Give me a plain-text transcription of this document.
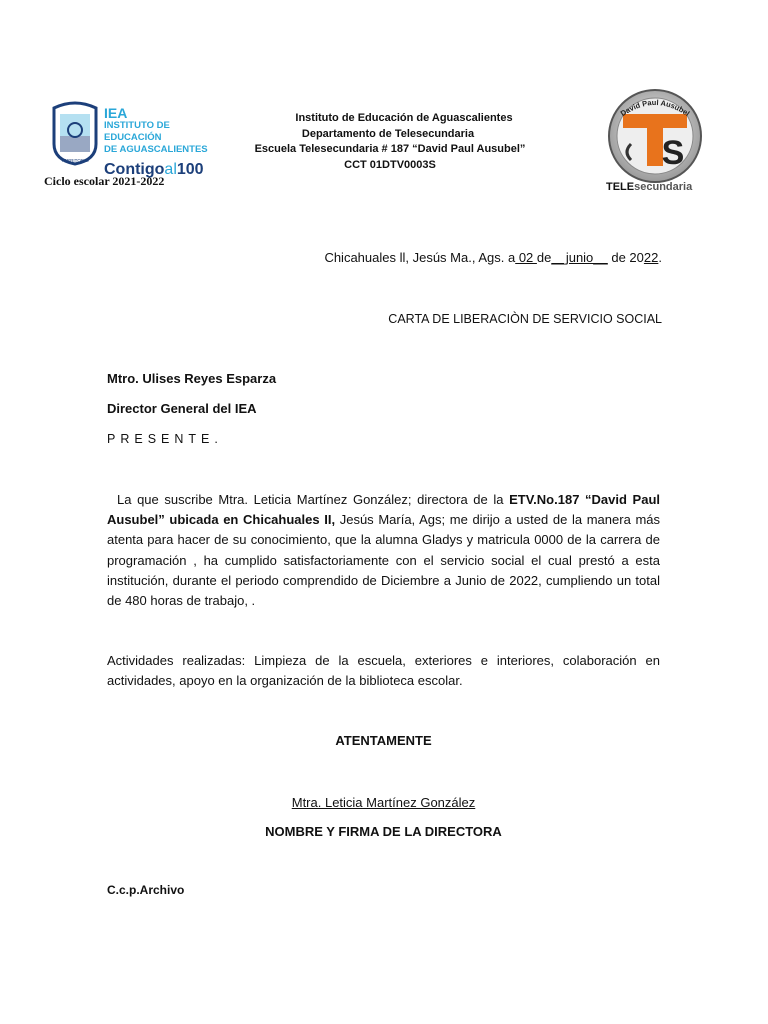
TERRITORIO
IEA
INSTITUTO DE EDUCACIÓN
DE AGUASCALIENTES
Contigoal100
Ciclo escolar 2021-2022
Instituto de Educación de Aguascalientes
Departamento de Telesecundaria
Escuela Telesecundaria # 187 “David Paul Ausubel”
CCT 01DTV0003S	S
David Paul Ausubel
TELEsecundaria
Chicahuales ll, Jesús Ma., Ags. a 02 de__junio__ de 2022.
CARTA DE LIBERACIÒN DE SERVICIO SOCIAL
Mtro. Ulises Reyes Esparza
Director General del IEA
PRESENTE.
La que suscribe Mtra. Leticia Martínez González; directora de la ETV.No.187 “David Paul Ausubel” ubicada en Chicahuales II, Jesús María, Ags; me dirijo a usted de la manera más atenta para hacer de su conocimiento, que la alumna Gladys y matricula 0000 de la carrera de programación , ha cumplido satisfactoriamente con el servicio social el cual prestó a esta institución, durante el periodo comprendido de Diciembre a Junio de 2022, cumpliendo un total de 480 horas de trabajo, .
Actividades realizadas: Limpieza de la escuela, exteriores e interiores, colaboración en actividades, apoyo en la organización de la biblioteca escolar.
ATENTAMENTE
Mtra. Leticia Martínez González
NOMBRE Y FIRMA DE LA DIRECTORA
C.c.p.Archivo
